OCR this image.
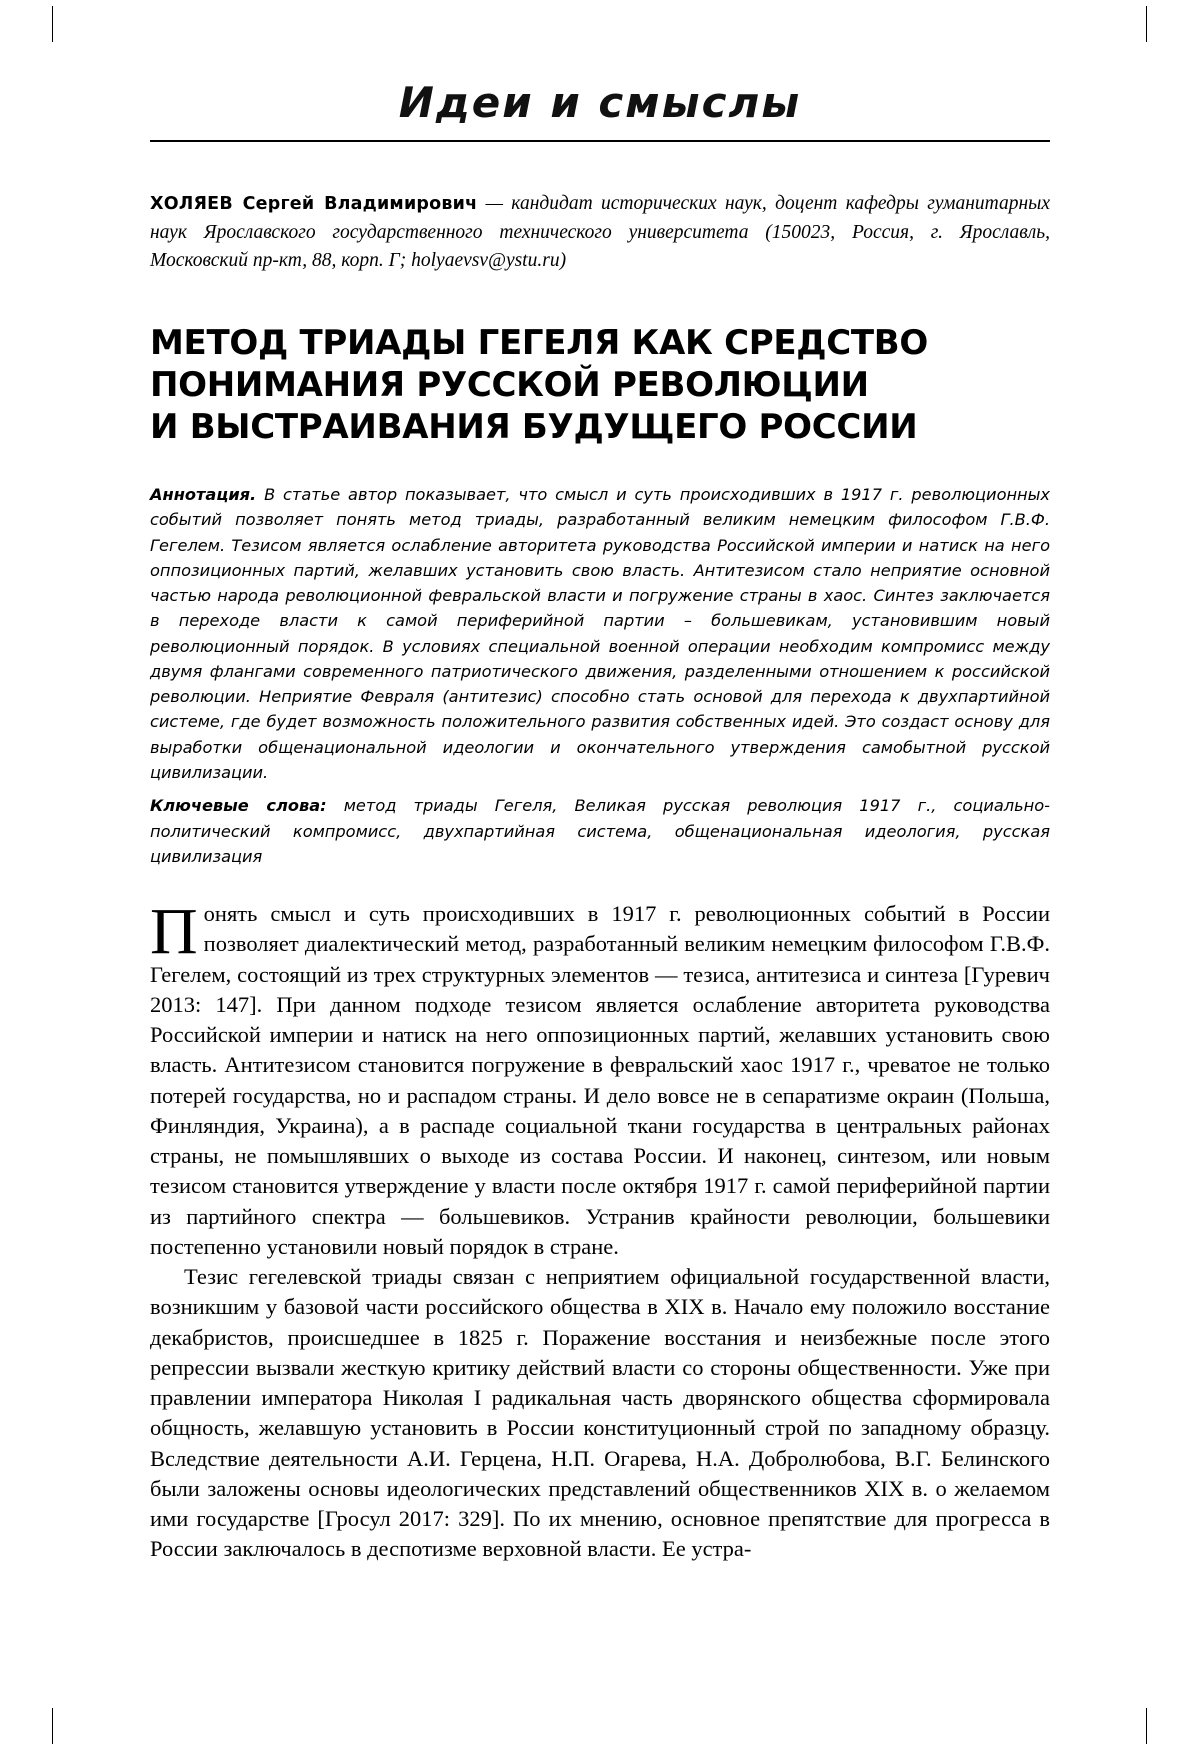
Идеи и смыслы
ХОЛЯЕВ Сергей Владимирович — кандидат исторических наук, доцент кафедры гуманитарных наук Ярославского государственного технического университета (150023, Россия, г. Ярославль, Московский пр-кт, 88, корп. Г; holyaevsv@ystu.ru)
МЕТОД ТРИАДЫ ГЕГЕЛЯ КАК СРЕДСТВО
ПОНИМАНИЯ РУССКОЙ РЕВОЛЮЦИИ
И ВЫСТРАИВАНИЯ БУДУЩЕГО РОССИИ
Аннотация. В статье автор показывает, что смысл и суть происходивших в 1917 г. революционных событий позволяет понять метод триады, разработанный великим немецким философом Г.В.Ф. Гегелем. Тезисом является ослабление авторитета руководства Российской империи и натиск на него оппозиционных партий, желавших установить свою власть. Антитезисом стало неприятие основной частью народа революционной февральской власти и погружение страны в хаос. Синтез заключается в переходе власти к самой периферийной партии – большевикам, установившим новый революционный порядок. В условиях специальной военной операции необходим компромисс между двумя флангами современного патриотического движения, разделенными отношением к российской революции. Неприятие Февраля (антитезис) способно стать основой для перехода к двухпартийной системе, где будет возможность положительного развития собственных идей. Это создаст основу для выработки общенациональной идеологии и окончательного утверждения самобытной русской цивилизации.
Ключевые слова: метод триады Гегеля, Великая русская революция 1917 г., социально-политический компромисс, двухпартийная система, общенациональная идеология, русская цивилизация
П онять смысл и суть происходивших в 1917 г. революционных событий в России позволяет диалектический метод, разработанный великим немецким философом Г.В.Ф. Гегелем, состоящий из трех структурных элементов — тезиса, антитезиса и синтеза [Гуревич 2013: 147]. При данном подходе тезисом является ослабление авторитета руководства Российской империи и натиск на него оппозиционных партий, желавших установить свою власть. Антитезисом становится погружение в февральский хаос 1917 г., чреватое не только потерей государства, но и распадом страны. И дело вовсе не в сепаратизме окраин (Польша, Финляндия, Украина), а в распаде социальной ткани государства в центральных районах страны, не помышлявших о выходе из состава России. И наконец, синтезом, или новым тезисом становится утверждение у власти после октября 1917 г. самой периферийной партии из партийного спектра — большевиков. Устранив крайности революции, большевики постепенно установили новый порядок в стране.

Тезис гегелевской триады связан с неприятием официальной государственной власти, возникшим у базовой части российского общества в XIX в. Начало ему положило восстание декабристов, происшедшее в 1825 г. Поражение восстания и неизбежные после этого репрессии вызвали жесткую критику действий власти со стороны общественности. Уже при правлении императора Николая I радикальная часть дворянского общества сформировала общность, желавшую установить в России конституционный строй по западному образцу. Вследствие деятельности А.И. Герцена, Н.П. Огарева, Н.А. Добролюбова, В.Г. Белинского были заложены основы идеологических представлений общественников XIX в. о желаемом ими государстве [Гросул 2017: 329]. По их мнению, основное препятствие для прогресса в России заключалось в деспотизме верховной власти. Ее устра-
